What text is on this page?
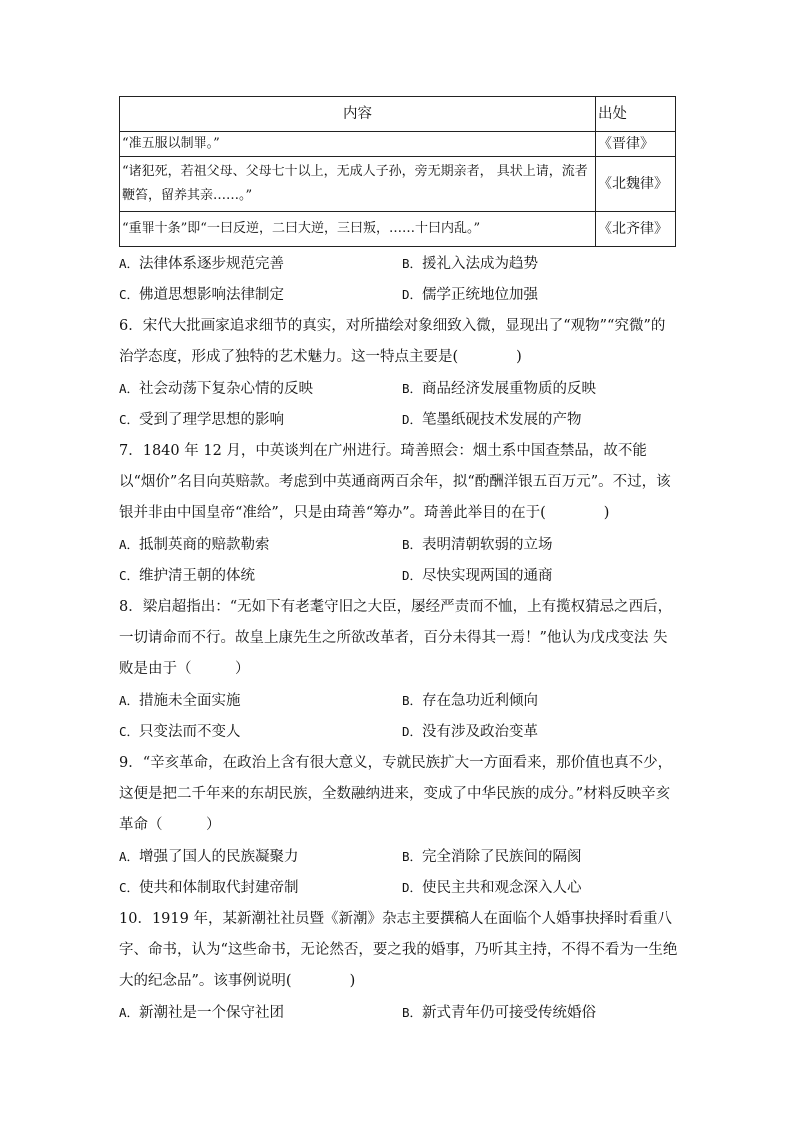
内容	出处
“准五服以制罪。”	《晋律》
“诸犯死，若祖父母、父母七十以上，无成人子孙，旁无期亲者， 具状上请，流者鞭笞，留养其亲……。”	《北魏律》
“重罪十条”即“一曰反逆，二曰大逆，三曰叛，……十曰内乱。”	《北齐律》
A．法律体系逐步规范完善	B．援礼入法成为趋势
C．佛道思想影响法律制定	D．儒学正统地位加强

6．宋代大批画家追求细节的真实，对所描绘对象细致入微，显现出了“观物”“究微”的治学态度，形成了独特的艺术魅力。这一特点主要是(　　　　)

A．社会动荡下复杂心情的反映	B．商品经济发展重物质的反映
C．受到了理学思想的影响	D．笔墨纸砚技术发展的产物

7．1840 年 12 月，中英谈判在广州进行。琦善照会：烟土系中国查禁品，故不能以“烟价”名目向英赔款。考虑到中英通商两百余年，拟“酌酬洋银五百万元”。不过，该银并非由中国皇帝“准给”，只是由琦善“筹办”。琦善此举目的在于(　　　　)

A．抵制英商的赔款勒索	B．表明清朝软弱的立场
C．维护清王朝的体统	D．尽快实现两国的通商

8．梁启超指出：“无如下有老耄守旧之大臣，屡经严责而不恤，上有揽权猜忌之西后，一切请命而不行。故皇上康先生之所欲改革者，百分未得其一焉！”他认为戊戌变法 失败是由于（　　　）

A．措施未全面实施	B．存在急功近利倾向
C．只变法而不变人	D．没有涉及政治变革

9．“辛亥革命，在政治上含有很大意义，专就民族扩大一方面看来，那价值也真不少，这便是把二千年来的东胡民族，全数融纳进来，变成了中华民族的成分。”材料反映辛亥革命（　　　）

A．增强了国人的民族凝聚力	B．完全消除了民族间的隔阂
C．使共和体制取代封建帝制	D．使民主共和观念深入人心

10．1919 年，某新潮社社员暨《新潮》杂志主要撰稿人在面临个人婚事抉择时看重八字、命书，认为“这些命书，无论然否，要之我的婚事，乃听其主持，不得不看为一生绝大的纪念品”。该事例说明(　　　　)

A．新潮社是一个保守社团	B．新式青年仍可接受传统婚俗
